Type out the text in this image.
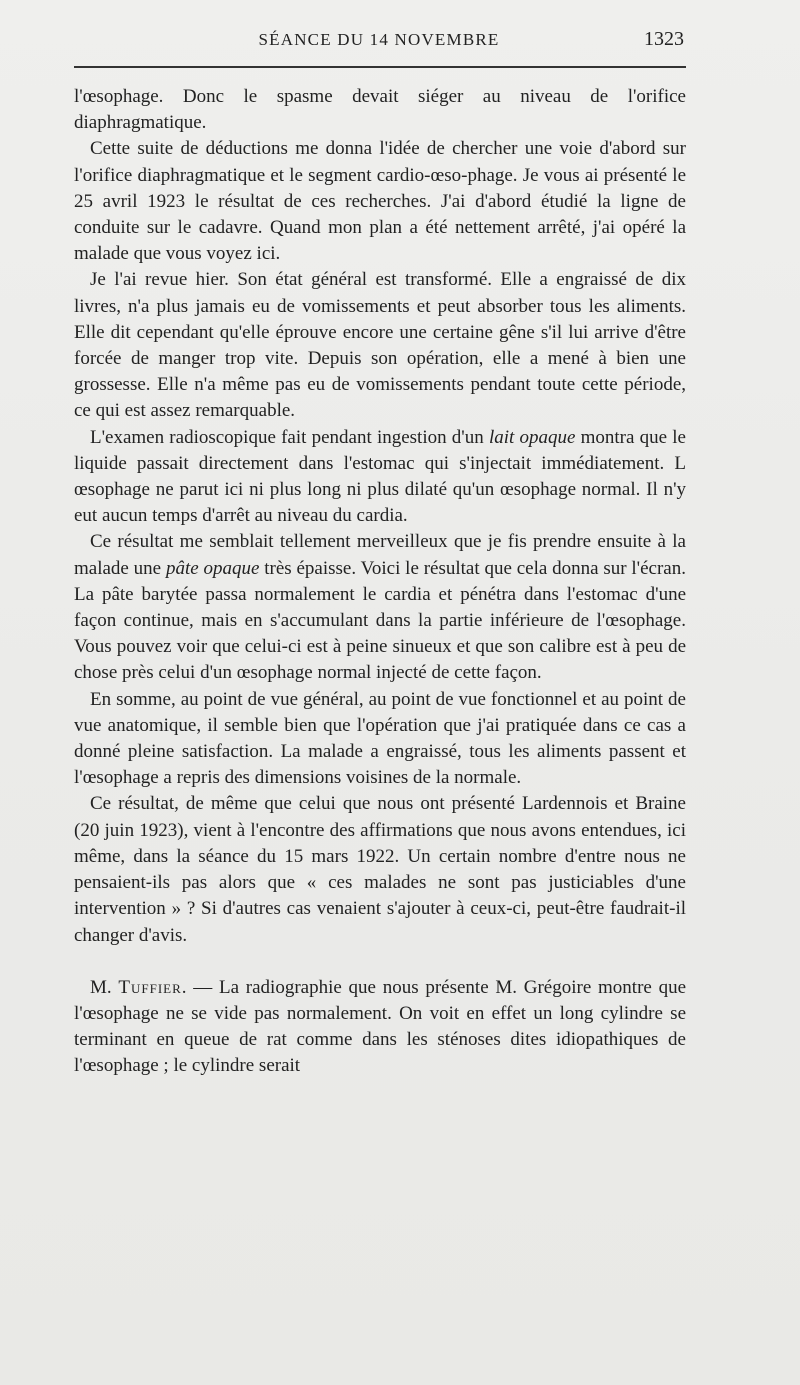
SÉANCE DU 14 NOVEMBRE	1323

l'œsophage. Donc le spasme devait siéger au niveau de l'orifice diaphragmatique.

Cette suite de déductions me donna l'idée de chercher une voie d'abord sur l'orifice diaphragmatique et le segment cardio-œso-phage. Je vous ai présenté le 25 avril 1923 le résultat de ces recherches. J'ai d'abord étudié la ligne de conduite sur le cadavre. Quand mon plan a été nettement arrêté, j'ai opéré la malade que vous voyez ici.

Je l'ai revue hier. Son état général est transformé. Elle a engraissé de dix livres, n'a plus jamais eu de vomissements et peut absorber tous les aliments. Elle dit cependant qu'elle éprouve encore une certaine gêne s'il lui arrive d'être forcée de manger trop vite. Depuis son opération, elle a mené à bien une grossesse. Elle n'a même pas eu de vomissements pendant toute cette période, ce qui est assez remarquable.

L'examen radioscopique fait pendant ingestion d'un lait opaque montra que le liquide passait directement dans l'estomac qui s'injectait immédiatement. L œsophage ne parut ici ni plus long ni plus dilaté qu'un œsophage normal. Il n'y eut aucun temps d'arrêt au niveau du cardia.

Ce résultat me semblait tellement merveilleux que je fis prendre ensuite à la malade une pâte opaque très épaisse. Voici le résultat que cela donna sur l'écran. La pâte barytée passa normalement le cardia et pénétra dans l'estomac d'une façon continue, mais en s'accumulant dans la partie inférieure de l'œsophage. Vous pouvez voir que celui-ci est à peine sinueux et que son calibre est à peu de chose près celui d'un œsophage normal injecté de cette façon.

En somme, au point de vue général, au point de vue fonctionnel et au point de vue anatomique, il semble bien que l'opération que j'ai pratiquée dans ce cas a donné pleine satisfaction. La malade a engraissé, tous les aliments passent et l'œsophage a repris des dimensions voisines de la normale.

Ce résultat, de même que celui que nous ont présenté Lardennois et Braine (20 juin 1923), vient à l'encontre des affirmations que nous avons entendues, ici même, dans la séance du 15 mars 1922. Un certain nombre d'entre nous ne pensaient-ils pas alors que « ces malades ne sont pas justiciables d'une intervention » ? Si d'autres cas venaient s'ajouter à ceux-ci, peut-être faudrait-il changer d'avis.

M. Tuffier. — La radiographie que nous présente M. Grégoire montre que l'œsophage ne se vide pas normalement. On voit en effet un long cylindre se terminant en queue de rat comme dans les sténoses dites idiopathiques de l'œsophage ; le cylindre serait
